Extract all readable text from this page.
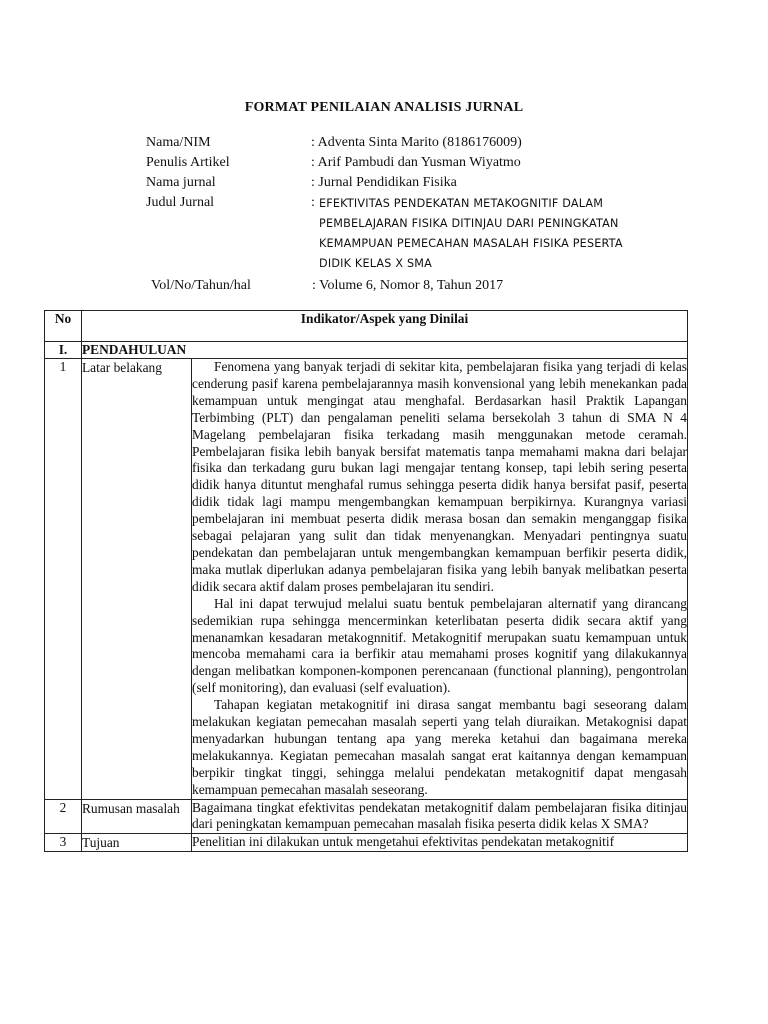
FORMAT PENILAIAN ANALISIS JURNAL
Nama/NIM	: Adventa Sinta Marito (8186176009)
Penulis Artikel	: Arif Pambudi dan Yusman Wiyatmo
Nama jurnal	: Jurnal Pendidikan Fisika
Judul Jurnal	: EFEKTIVITAS PENDEKATAN METAKOGNITIF DALAM
PEMBELAJARAN FISIKA DITINJAU DARI PENINGKATAN
KEMAMPUAN PEMECAHAN MASALAH FISIKA PESERTA
DIDIK KELAS X SMA
Vol/No/Tahun/hal	: Volume 6, Nomor 8, Tahun 2017
No	Indikator/Aspek yang Dinilai	
I.	PENDAHULUAN	
1	Latar belakang	Fenomena yang banyak terjadi di sekitar kita, pembelajaran fisika yang terjadi di kelas cenderung pasif karena pembelajarannya masih konvensional yang lebih menekankan pada kemampuan untuk mengingat atau menghafal. Berdasarkan hasil Praktik Lapangan Terbimbing (PLT) dan pengalaman peneliti selama bersekolah 3 tahun di SMA N 4 Magelang pembelajaran fisika terkadang masih menggunakan metode ceramah. Pembelajaran fisika lebih banyak bersifat matematis tanpa memahami makna dari belajar fisika dan terkadang guru bukan lagi mengajar tentang konsep, tapi lebih sering peserta didik hanya dituntut menghafal rumus sehingga peserta didik hanya bersifat pasif, peserta didik tidak lagi mampu mengembangkan kemampuan berpikirnya. Kurangnya variasi pembelajaran ini membuat peserta didik merasa bosan dan semakin menganggap fisika sebagai pelajaran yang sulit dan tidak menyenangkan. Menyadari pentingnya suatu pendekatan dan pembelajaran untuk mengembangkan kemampuan berfikir peserta didik, maka mutlak diperlukan adanya pembelajaran fisika yang lebih banyak melibatkan peserta didik secara aktif dalam proses pembelajaran itu sendiri.

Hal ini dapat terwujud melalui suatu bentuk pembelajaran alternatif yang dirancang sedemikian rupa sehingga mencerminkan keterlibatan peserta didik secara aktif yang menanamkan kesadaran metakognnitif. Metakognitif merupakan suatu kemampuan untuk mencoba memahami cara ia berfikir atau memahami proses kognitif yang dilakukannya dengan melibatkan komponen-komponen perencanaan (functional planning), pengontrolan (self monitoring), dan evaluasi (self evaluation).

Tahapan kegiatan metakognitif ini dirasa sangat membantu bagi seseorang dalam melakukan kegiatan pemecahan masalah seperti yang telah diuraikan. Metakognisi dapat menyadarkan hubungan tentang apa yang mereka ketahui dan bagaimana mereka melakukannya. Kegiatan pemecahan masalah sangat erat kaitannya dengan kemampuan berpikir tingkat tinggi, sehingga melalui pendekatan metakognitif dapat mengasah kemampuan pemecahan masalah seseorang.

2	Rumusan masalah	Bagaimana tingkat efektivitas pendekatan metakognitif dalam pembelajaran fisika ditinjau dari peningkatan kemampuan pemecahan masalah fisika peserta didik kelas X SMA?

3	Tujuan	Penelitian ini dilakukan untuk mengetahui efektivitas pendekatan metakognitif
